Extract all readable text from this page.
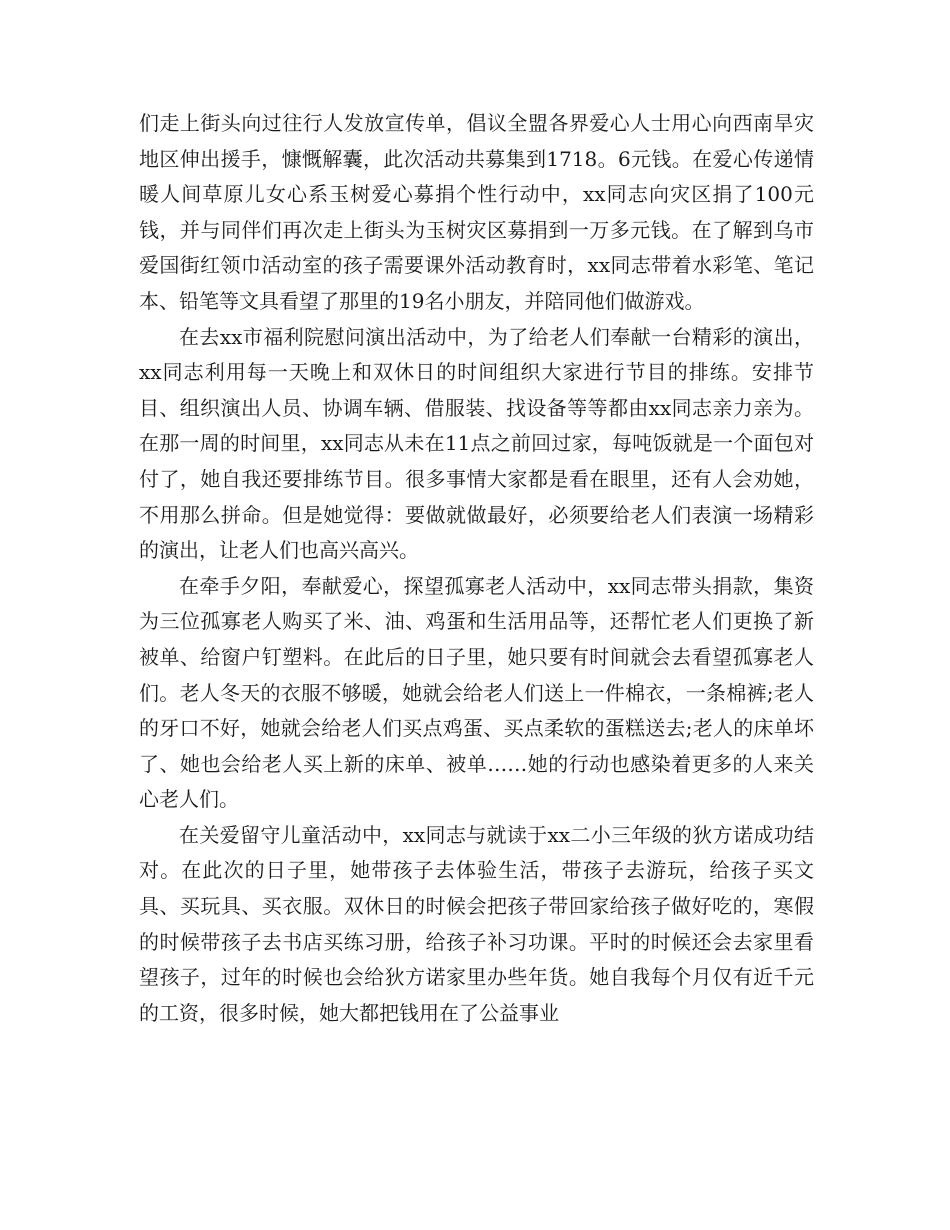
们走上街头向过往行人发放宣传单，倡议全盟各界爱心人士用心向西南旱灾地区伸出援手，慷慨解囊，此次活动共募集到1718。6元钱。在爱心传递情暖人间草原儿女心系玉树爱心募捐个性行动中，xx同志向灾区捐了100元钱，并与同伴们再次走上街头为玉树灾区募捐到一万多元钱。在了解到乌市爱国街红领巾活动室的孩子需要课外活动教育时，xx同志带着水彩笔、笔记本、铅笔等文具看望了那里的19名小朋友，并陪同他们做游戏。

在去xx市福利院慰问演出活动中，为了给老人们奉献一台精彩的演出，xx同志利用每一天晚上和双休日的时间组织大家进行节目的排练。安排节目、组织演出人员、协调车辆、借服装、找设备等等都由xx同志亲力亲为。在那一周的时间里，xx同志从未在11点之前回过家，每吨饭就是一个面包对付了，她自我还要排练节目。很多事情大家都是看在眼里，还有人会劝她，不用那么拼命。但是她觉得：要做就做最好，必须要给老人们表演一场精彩的演出，让老人们也高兴高兴。

在牵手夕阳，奉献爱心，探望孤寡老人活动中，xx同志带头捐款，集资为三位孤寡老人购买了米、油、鸡蛋和生活用品等，还帮忙老人们更换了新被单、给窗户钉塑料。在此后的日子里，她只要有时间就会去看望孤寡老人们。老人冬天的衣服不够暖，她就会给老人们送上一件棉衣，一条棉裤;老人的牙口不好，她就会给老人们买点鸡蛋、买点柔软的蛋糕送去;老人的床单坏了、她也会给老人买上新的床单、被单……她的行动也感染着更多的人来关心老人们。

在关爱留守儿童活动中，xx同志与就读于xx二小三年级的狄方诺成功结对。在此次的日子里，她带孩子去体验生活，带孩子去游玩，给孩子买文具、买玩具、买衣服。双休日的时候会把孩子带回家给孩子做好吃的，寒假的时候带孩子去书店买练习册，给孩子补习功课。平时的时候还会去家里看望孩子，过年的时候也会给狄方诺家里办些年货。她自我每个月仅有近千元的工资，很多时候，她大都把钱用在了公益事业
